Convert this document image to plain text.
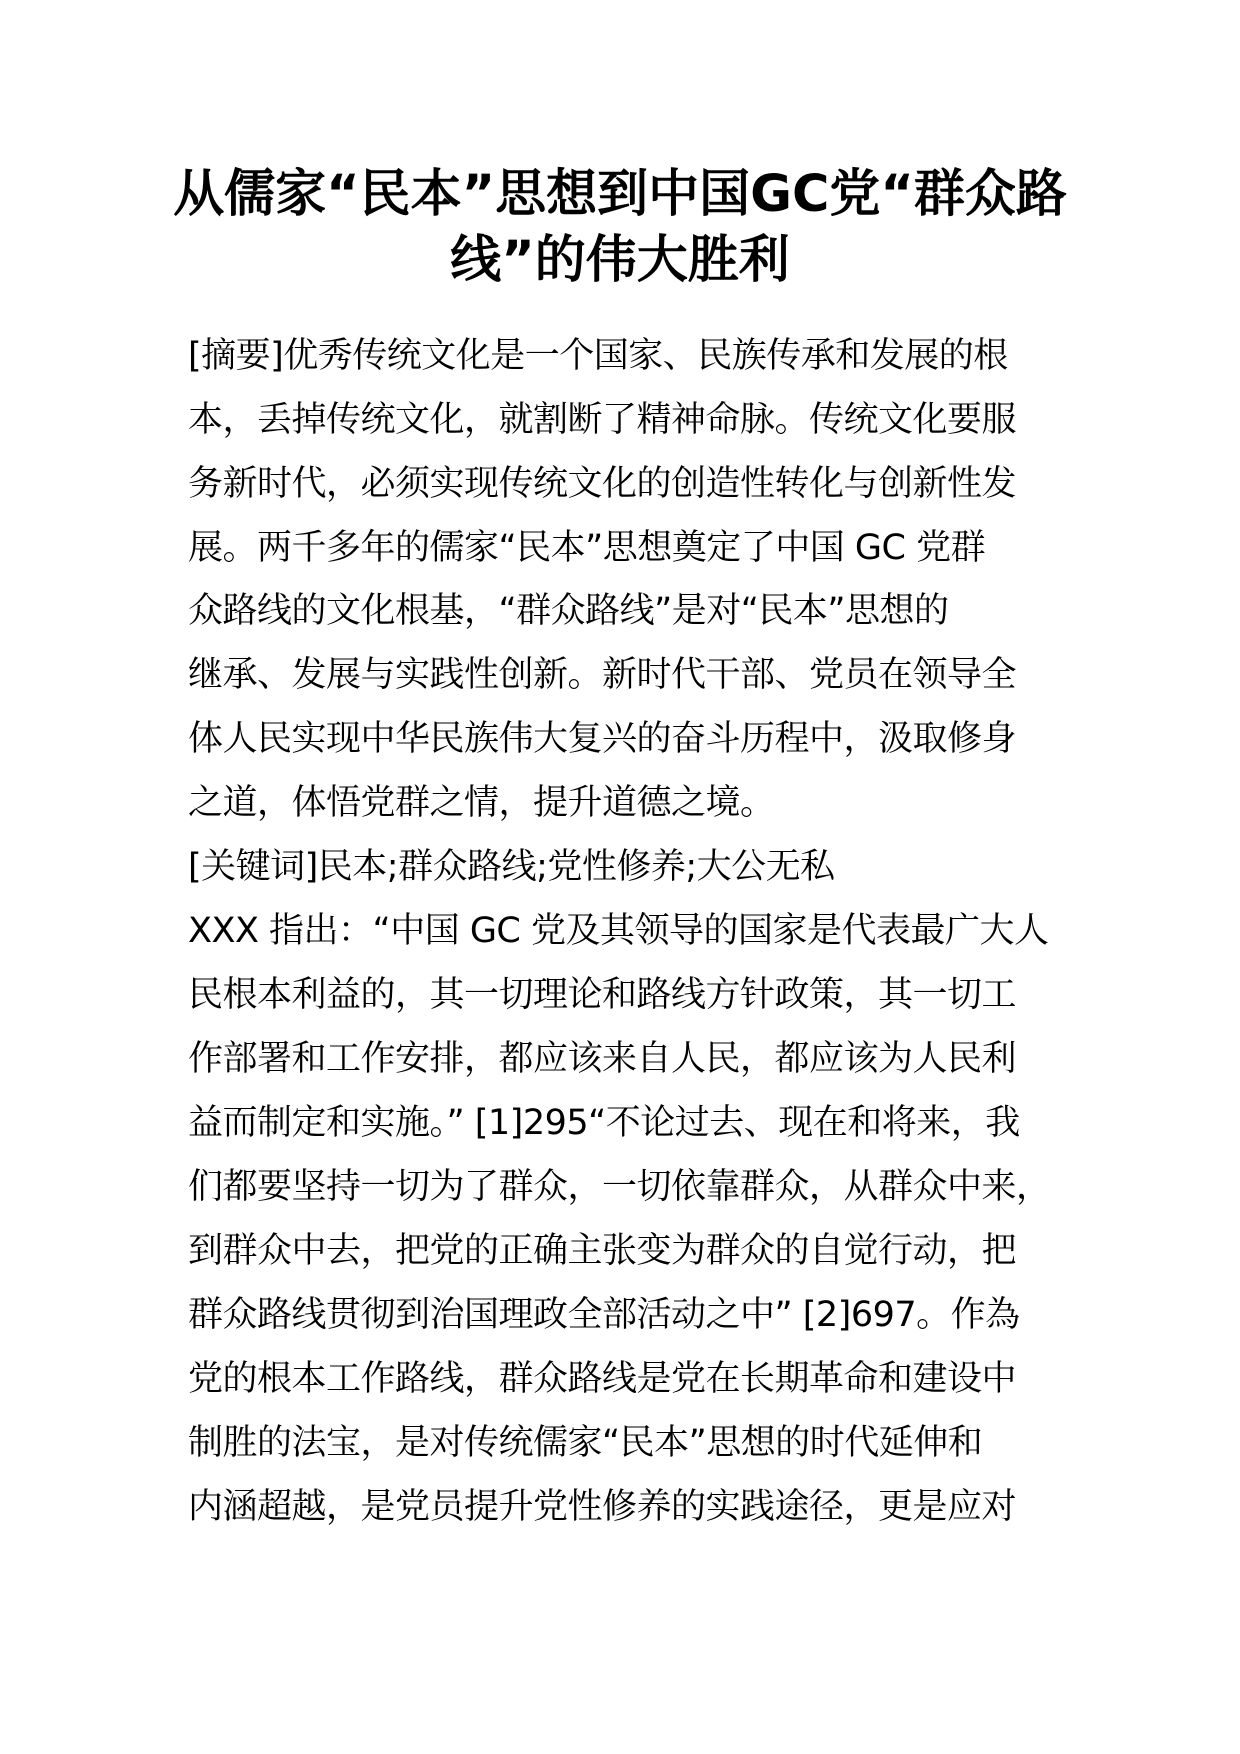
从儒家“民本”思想到中国GC党“群众路
线”的伟大胜利
[摘要]优秀传统文化是一个国家、民族传承和发展的根
本，丢掉传统文化，就割断了精神命脉。传统文化要服
务新时代，必须实现传统文化的创造性转化与创新性发
展。两千多年的儒家“民本”思想奠定了中国 GC 党群
众路线的文化根基，“群众路线”是对“民本”思想的
继承、发展与实践性创新。新时代干部、党员在领导全
体人民实现中华民族伟大复兴的奋斗历程中，汲取修身
之道，体悟党群之情，提升道德之境。
[关键词]民本;群众路线;党性修养;大公无私
XXX 指出：“中国 GC 党及其领导的国家是代表最广大人
民根本利益的，其一切理论和路线方针政策，其一切工
作部署和工作安排，都应该来自人民，都应该为人民利
益而制定和实施。” [1]295“不论过去、现在和将来，我
们都要坚持一切为了群众，一切依靠群众，从群众中来，
到群众中去，把党的正确主张变为群众的自觉行动，把
群众路线贯彻到治国理政全部活动之中” [2]697。作為
党的根本工作路线，群众路线是党在长期革命和建设中
制胜的法宝，是对传统儒家“民本”思想的时代延伸和
内涵超越，是党员提升党性修养的实践途径，更是应对
